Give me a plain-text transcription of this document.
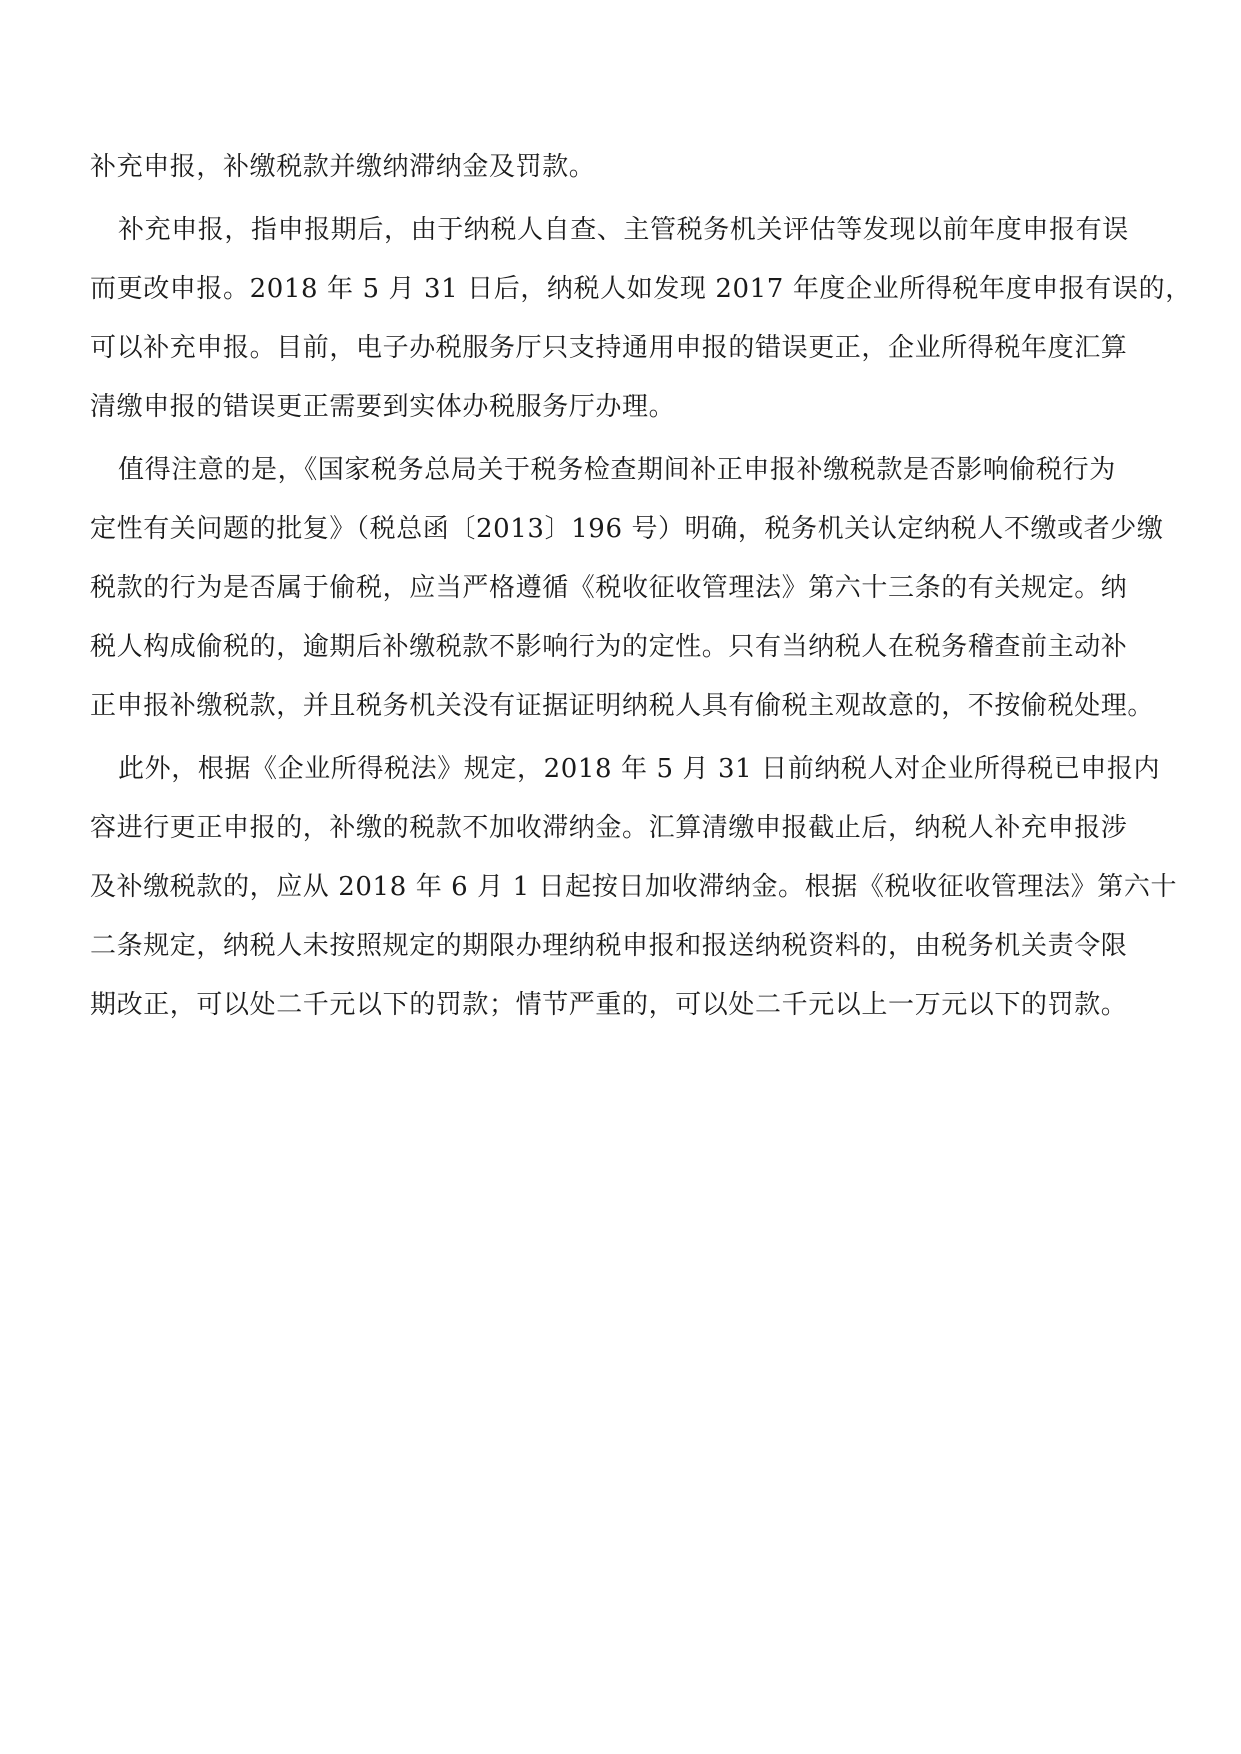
补充申报，补缴税款并缴纳滞纳金及罚款。

补充申报，指申报期后，由于纳税人自查、主管税务机关评估等发现以前年度申报有误

而更改申报。2018 年 5 月 31 日后，纳税人如发现 2017 年度企业所得税年度申报有误的，

可以补充申报。目前，电子办税服务厅只支持通用申报的错误更正，企业所得税年度汇算

清缴申报的错误更正需要到实体办税服务厅办理。

值得注意的是，《国家税务总局关于税务检查期间补正申报补缴税款是否影响偷税行为

定性有关问题的批复》（税总函〔2013〕196 号）明确，税务机关认定纳税人不缴或者少缴

税款的行为是否属于偷税，应当严格遵循《税收征收管理法》第六十三条的有关规定。纳

税人构成偷税的，逾期后补缴税款不影响行为的定性。只有当纳税人在税务稽查前主动补

正申报补缴税款，并且税务机关没有证据证明纳税人具有偷税主观故意的，不按偷税处理。

此外，根据《企业所得税法》规定，2018 年 5 月 31 日前纳税人对企业所得税已申报内

容进行更正申报的，补缴的税款不加收滞纳金。汇算清缴申报截止后，纳税人补充申报涉

及补缴税款的，应从 2018 年 6 月 1 日起按日加收滞纳金。根据《税收征收管理法》第六十

二条规定，纳税人未按照规定的期限办理纳税申报和报送纳税资料的，由税务机关责令限

期改正，可以处二千元以下的罚款；情节严重的，可以处二千元以上一万元以下的罚款。
